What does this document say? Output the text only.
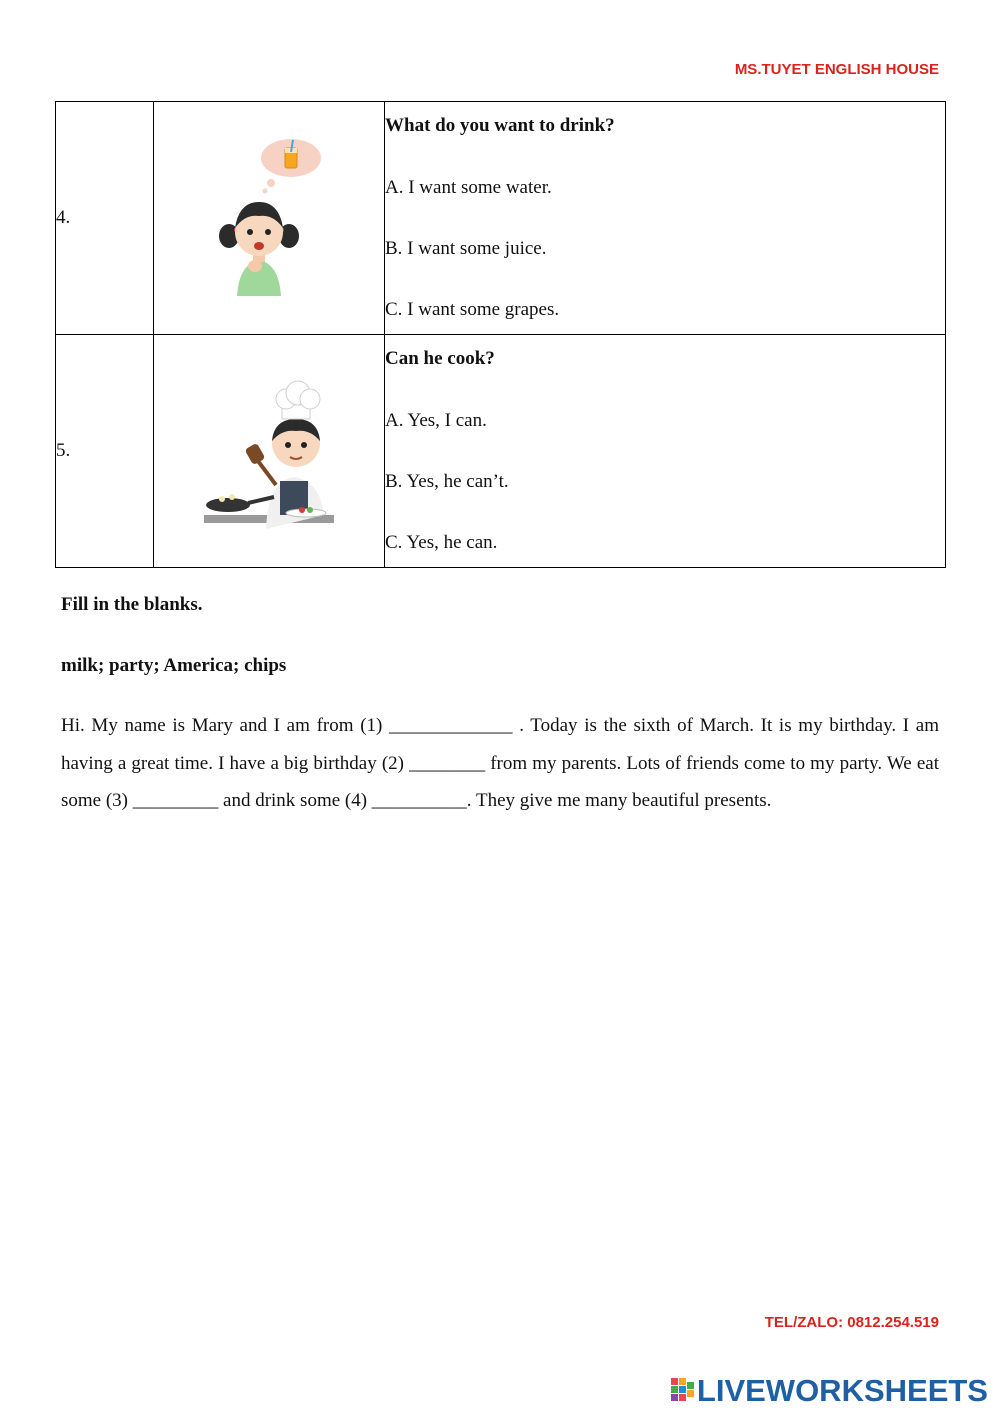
MS.TUYET ENGLISH HOUSE
4.		What do you want to drink?
A. I want some water.
B. I want some juice.
C. I want some grapes.

5.		Can he cook?
A. Yes, I can.
B. Yes, he can’t.
C. Yes, he can.
Fill in the blanks.
milk; party; America; chips
Hi. My name is Mary and I am from (1) _____________ . Today is the sixth of March. It is my birthday. I am having a great time. I have a big birthday (2) ________ from my parents. Lots of friends come to my party. We eat some (3) _________ and drink some (4) __________. They give me many beautiful presents.
TEL/ZALO: 0812.254.519
LIVEWORKSHEETS
